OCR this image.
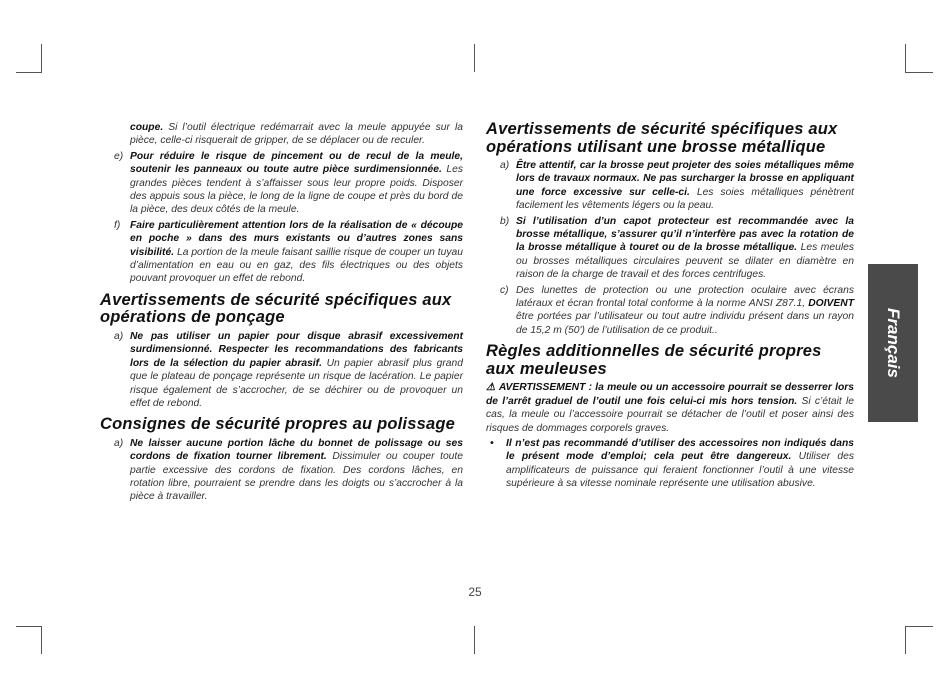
coupe. Si l’outil électrique redémarrait avec la meule appuyée sur la pièce, celle-ci risquerait de gripper, de se déplacer ou de reculer.

e) Pour réduire le risque de pincement ou de recul de la meule, soutenir les panneaux ou toute autre pièce surdimensionnée. Les grandes pièces tendent à s’affaisser sous leur propre poids. Disposer des appuis sous la pièce, le long de la ligne de coupe et près du bord de la pièce, des deux côtés de la meule.
f) Faire particulièrement attention lors de la réalisation de « découpe en poche » dans des murs existants ou d’autres zones sans visibilité. La portion de la meule faisant saillie risque de couper un tuyau d’alimentation en eau ou en gaz, des fils électriques ou des objets pouvant provoquer un effet de rebond.
Avertissements de sécurité spécifiques aux opérations de ponçage
a) Ne pas utiliser un papier pour disque abrasif excessivement surdimensionné. Respecter les recommandations des fabricants lors de la sélection du papier abrasif. Un papier abrasif plus grand que le plateau de ponçage représente un risque de lacération. Le papier risque également de s’accrocher, de se déchirer ou de provoquer un effet de rebond.
Consignes de sécurité propres au polissage
a) Ne laisser aucune portion lâche du bonnet de polissage ou ses cordons de fixation tourner librement. Dissimuler ou couper toute partie excessive des cordons de fixation. Des cordons lâches, en rotation libre, pourraient se prendre dans les doigts ou s’accrocher à la pièce à travailler.
Avertissements de sécurité spécifiques aux opérations utilisant une brosse métallique
a) Être attentif, car la brosse peut projeter des soies métalliques même lors de travaux normaux. Ne pas surcharger la brosse en appliquant une force excessive sur celle-ci. Les soies métalliques pénètrent facilement les vêtements légers ou la peau.
b) Si l’utilisation d’un capot protecteur est recommandée avec la brosse métallique, s’assurer qu’il n’interfère pas avec la rotation de la brosse métallique à touret ou de la brosse métallique. Les meules ou brosses métalliques circulaires peuvent se dilater en diamètre en raison de la charge de travail et des forces centrifuges.
c) Des lunettes de protection ou une protection oculaire avec écrans latéraux et écran frontal total conforme à la norme ANSI Z87.1, DOIVENT être portées par l’utilisateur ou tout autre individu présent dans un rayon de 15,2 m (50') de l’utilisation de ce produit..
Règles additionnelles de sécurité propres aux meuleuses

⚠ AVERTISSEMENT : la meule ou un accessoire pourrait se desserrer lors de l’arrêt graduel de l’outil une fois celui-ci mis hors tension. Si c’était le cas, la meule ou l’accessoire pourrait se détacher de l’outil et poser ainsi des risques de dommages corporels graves.

• Il n’est pas recommandé d’utiliser des accessoires non indiqués dans le présent mode d’emploi; cela peut être dangereux. Utiliser des amplificateurs de puissance qui feraient fonctionner l’outil à une vitesse supérieure à sa vitesse nominale représente une utilisation abusive.
Français
25
